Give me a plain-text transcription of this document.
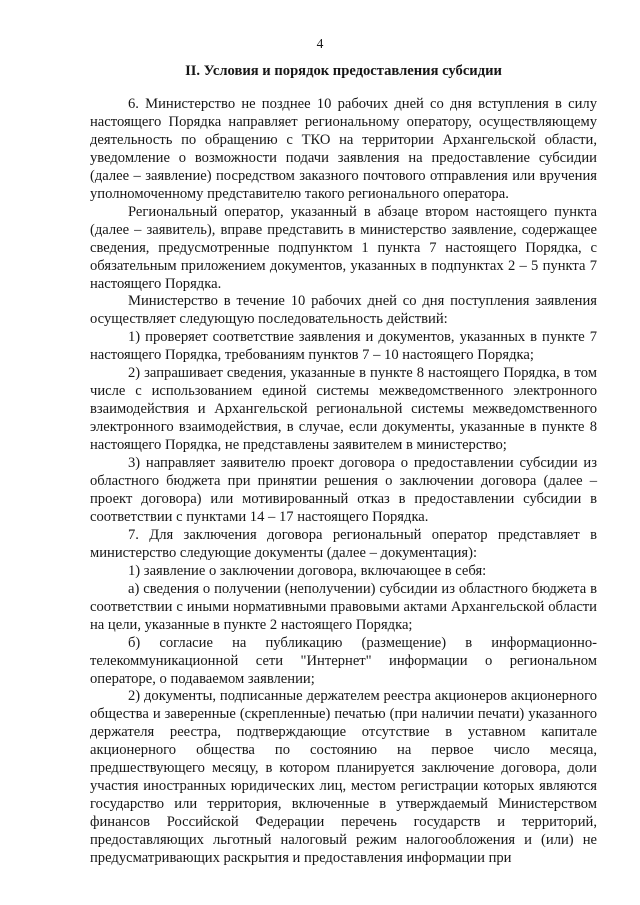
4
II. Условия и порядок предоставления субсидии

6. Министерство не позднее 10 рабочих дней со дня вступления в силу настоящего Порядка направляет региональному оператору, осуществляющему деятельность по обращению с ТКО на территории Архангельской области, уведомление о возможности подачи заявления на предоставление субсидии (далее – заявление) посредством заказного почтового отправления или вручения уполномоченному представителю такого регионального оператора.

Региональный оператор, указанный в абзаце втором настоящего пункта (далее – заявитель), вправе представить в министерство заявление, содержащее сведения, предусмотренные подпунктом 1 пункта 7 настоящего Порядка, с обязательным приложением документов, указанных в подпунктах 2 – 5 пункта 7 настоящего Порядка.

Министерство в течение 10 рабочих дней со дня поступления заявления осуществляет следующую последовательность действий:

1) проверяет соответствие заявления и документов, указанных в пункте 7 настоящего Порядка, требованиям пунктов 7 – 10 настоящего Порядка;

2) запрашивает сведения, указанные в пункте 8 настоящего Порядка, в том числе с использованием единой системы межведомственного электронного взаимодействия и Архангельской региональной системы межведомственного электронного взаимодействия, в случае, если документы, указанные в пункте 8 настоящего Порядка, не представлены заявителем в министерство;

3) направляет заявителю проект договора о предоставлении субсидии из областного бюджета при принятии решения о заключении договора (далее – проект договора) или мотивированный отказ в предоставлении субсидии в соответствии с пунктами 14 – 17 настоящего Порядка.

7. Для заключения договора региональный оператор представляет в министерство следующие документы (далее – документация):

1) заявление о заключении договора, включающее в себя:

а) сведения о получении (неполучении) субсидии из областного бюджета в соответствии с иными нормативными правовыми актами Архангельской области на цели, указанные в пункте 2 настоящего Порядка;

б) согласие на публикацию (размещение) в информационно-телекоммуникационной сети "Интернет" информации о региональном операторе, о подаваемом заявлении;

2) документы, подписанные держателем реестра акционеров акционерного общества и заверенные (скрепленные) печатью (при наличии печати) указанного держателя реестра, подтверждающие отсутствие в уставном капитале акционерного общества по состоянию на первое число месяца, предшествующего месяцу, в котором планируется заключение договора, доли участия иностранных юридических лиц, местом регистрации которых являются государство или территория, включенные в утверждаемый Министерством финансов Российской Федерации перечень государств и территорий, предоставляющих льготный налоговый режим налогообложения и (или) не предусматривающих раскрытия и предоставления информации при
